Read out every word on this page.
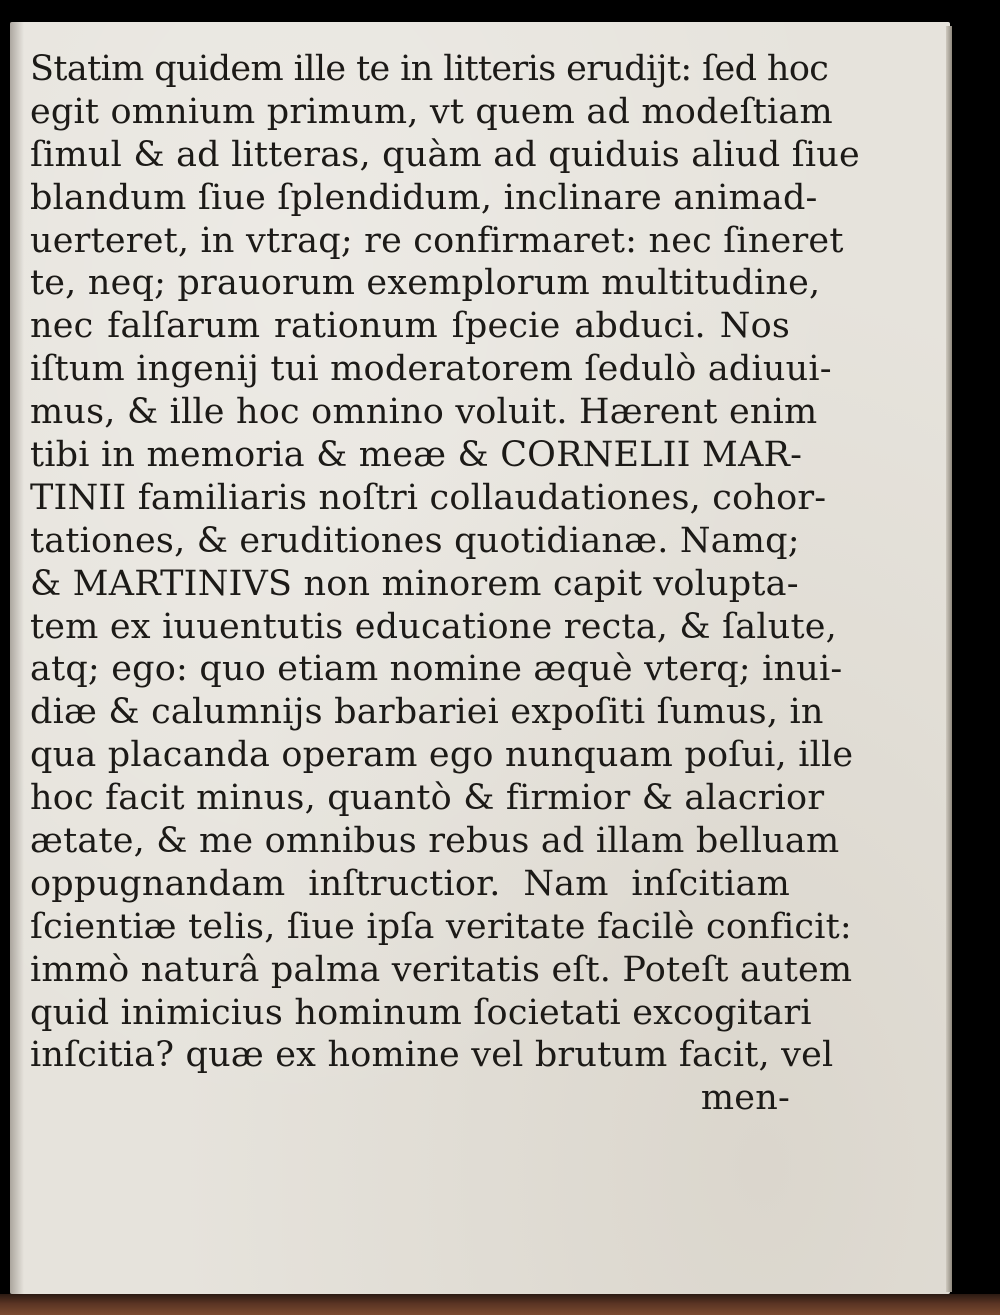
Statim quidem ille te in litteris erudijt: ſed hoc
egit omnium primum, vt quem ad modeſtiam
ſimul & ad litteras, quàm ad quiduis aliud ſiue
blandum ſiue ſplendidum, inclinare animad-
uerteret, in vtraq; re confirmaret: nec ſineret
te, neq; prauorum exemplorum multitudine,
nec falſarum rationum ſpecie abduci. Nos
iſtum ingenij tui moderatorem ſedulò adiuui-
mus, & ille hoc omnino voluit. Hærent enim
tibi in memoria & meæ & CORNELII MAR-
TINII familiaris noſtri collaudationes, cohor-
tationes, & eruditiones quotidianæ. Namq;
& MARTINIVS non minorem capit volupta-
tem ex iuuentutis educatione recta, & ſalute,
atq; ego: quo etiam nomine æquè vterq; inui-
diæ & calumnijs barbariei expoſiti ſumus, in
qua placanda operam ego nunquam poſui, ille
hoc facit minus, quantò & firmior & alacrior
ætate, & me omnibus rebus ad illam belluam
oppugnandam inſtructior. Nam inſcitiam
ſcientiæ telis, ſiue ipſa veritate facilè conficit:
immò naturâ palma veritatis eſt. Poteſt autem
quid inimicius hominum ſocietati excogitari
inſcitia? quæ ex homine vel brutum facit, vel
men-
